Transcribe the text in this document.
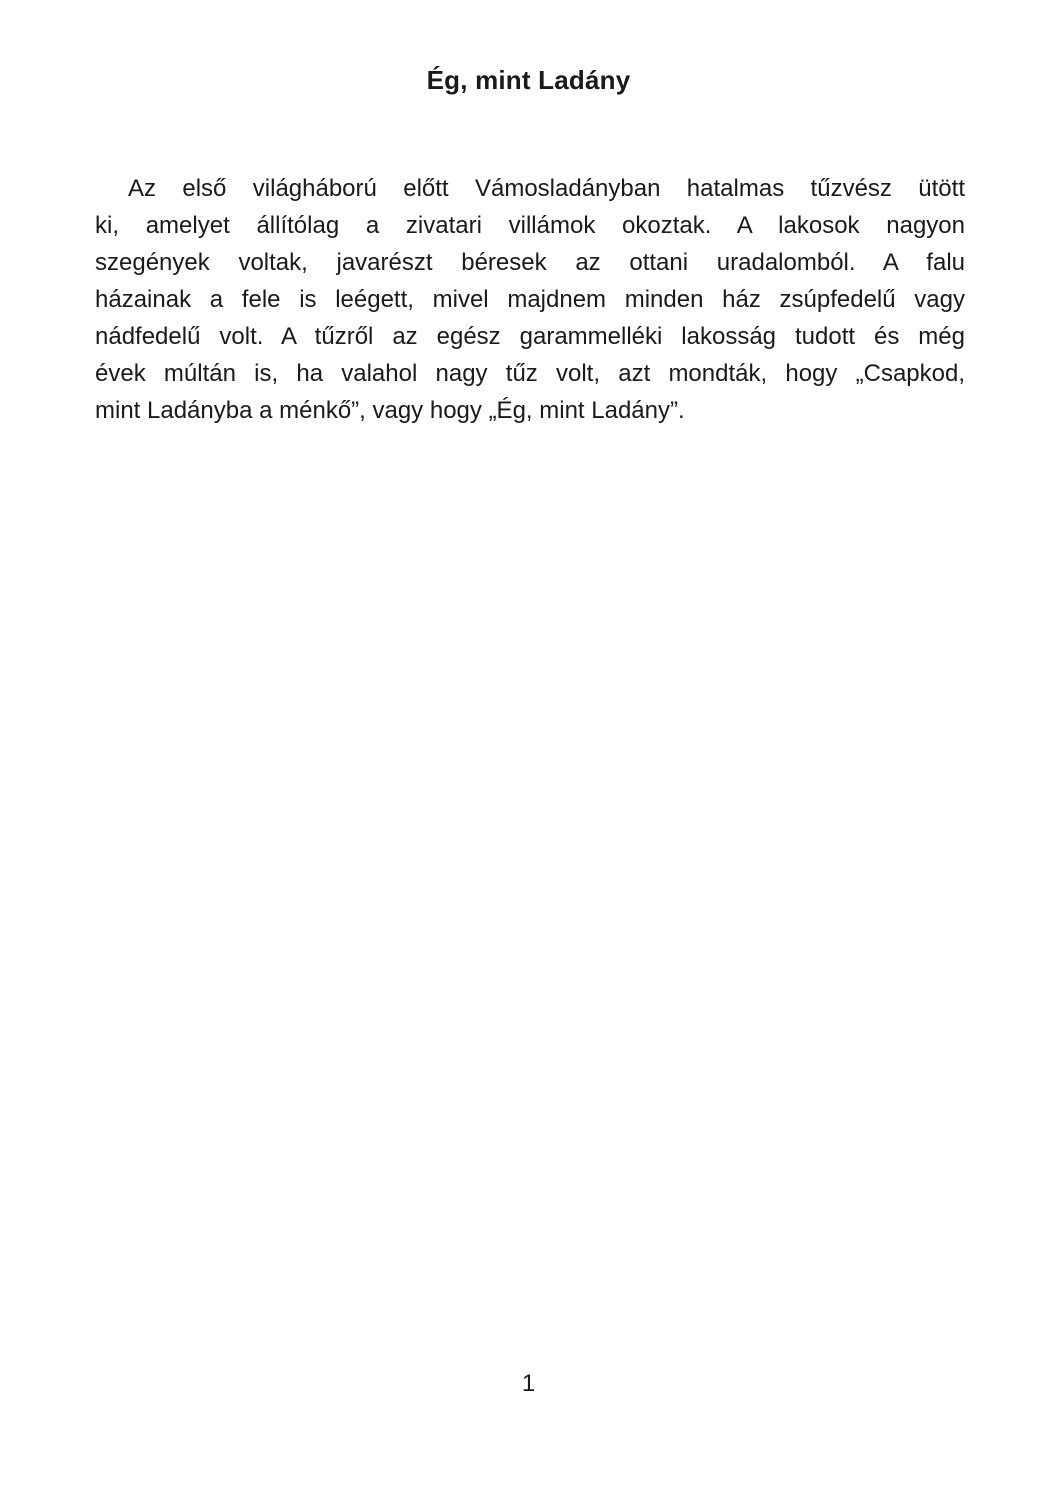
Ég, mint Ladány
Az első világháború előtt Vámosladányban hatalmas tűzvész ütött
ki, amelyet állítólag a zivatari villámok okoztak. A lakosok nagyon
szegények voltak, javarészt béresek az ottani uradalomból. A falu
házainak a fele is leégett, mivel majdnem minden ház zsúpfedelű vagy
nádfedelű volt. A tűzről az egész garammelléki lakosság tudott és még
évek múltán is, ha valahol nagy tűz volt, azt mondták, hogy „Csapkod,
mint Ladányba a ménkő”, vagy hogy „Ég, mint Ladány”.
1
